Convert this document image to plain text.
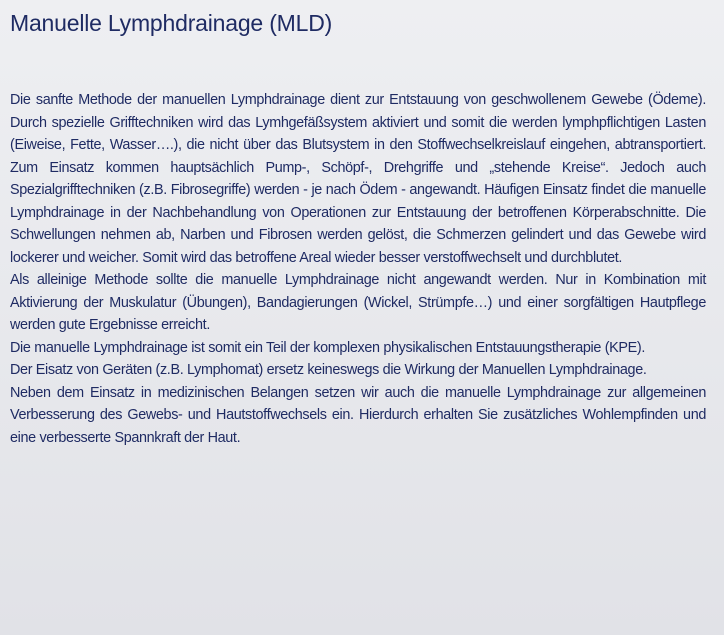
Manuelle Lymphdrainage (MLD)

Die sanfte Methode der manuellen Lymphdrainage dient zur Entstauung von geschwollenem Gewebe (Ödeme). Durch spezielle Grifftechniken wird das Lymhgefäßsystem aktiviert und somit die werden lymphpflichtigen Lasten (Eiweise, Fette, Wasser….), die nicht über das Blutsystem in den Stoffwechselkreislauf eingehen, abtransportiert. Zum Einsatz kommen hauptsächlich Pump-, Schöpf-, Drehgriffe und „stehende Kreise“. Jedoch auch Spezialgrifftechniken (z.B. Fibrosegriffe) werden - je nach Ödem - angewandt. Häufigen Einsatz findet die manuelle Lymphdrainage in der Nachbehandlung von Operationen zur Entstauung der betroffenen Körperabschnitte. Die Schwellungen nehmen ab, Narben und Fibrosen werden gelöst, die Schmerzen gelindert und das Gewebe wird lockerer und weicher. Somit wird das betroffene Areal wieder besser verstoffwechselt und durchblutet.

Als alleinige Methode sollte die manuelle Lymphdrainage nicht angewandt werden. Nur in Kombination mit Aktivierung der Muskulatur (Übungen), Bandagierungen (Wickel, Strümpfe…) und einer sorgfältigen Hautpflege werden gute Ergebnisse erreicht.

Die manuelle Lymphdrainage ist somit ein Teil der komplexen physikalischen Entstauungstherapie (KPE).

Der Eisatz von Geräten (z.B. Lymphomat) ersetz keineswegs die Wirkung der Manuellen Lymphdrainage.

Neben dem Einsatz in medizinischen Belangen setzen wir auch die manuelle Lymphdrainage zur allgemeinen Verbesserung des Gewebs- und Hautstoffwechsels ein. Hierdurch erhalten Sie zusätzliches Wohlempfinden und eine verbesserte Spannkraft der Haut.
